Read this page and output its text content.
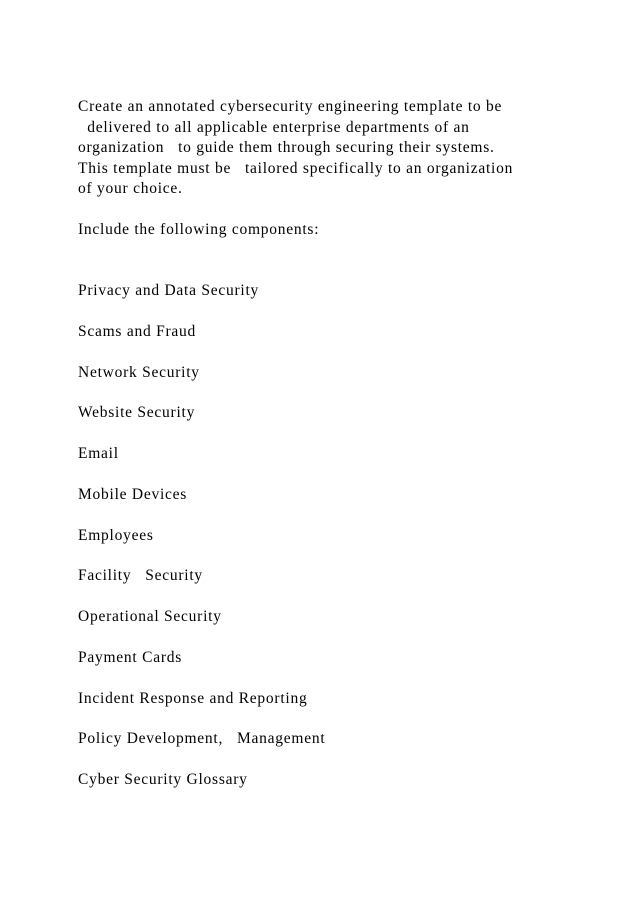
Create an annotated cybersecurity engineering template to be

delivered to all applicable enterprise departments of an

organization   to guide them through securing their systems.

This template must be   tailored specifically to an organization

of your choice.

Include the following components:

Privacy and Data Security
Scams and Fraud
Network Security
Website Security
Email
Mobile Devices
Employees
Facility   Security
Operational Security
Payment Cards
Incident Response and Reporting
Policy Development,   Management
Cyber Security Glossary
